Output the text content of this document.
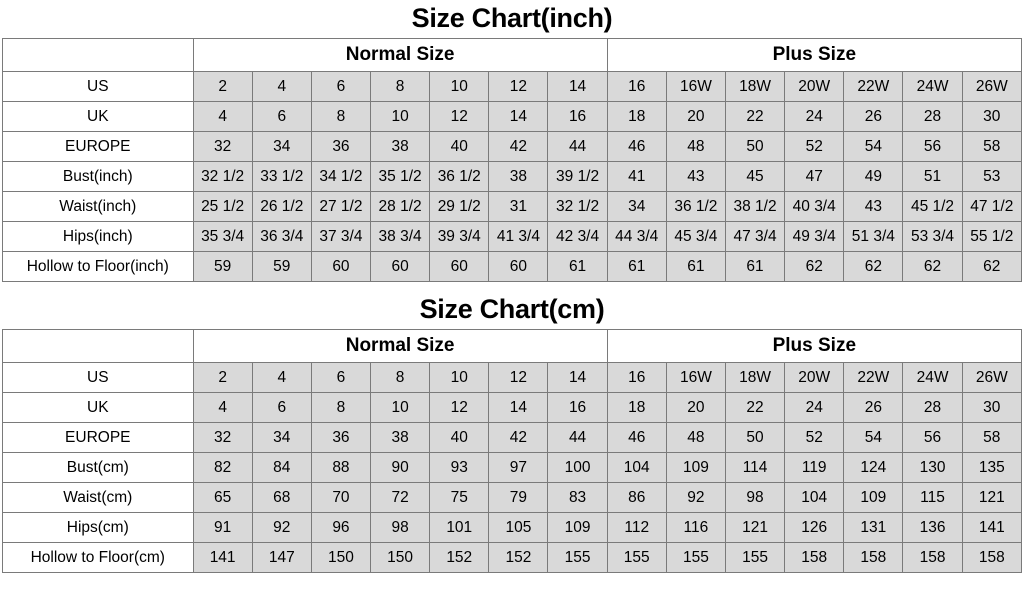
Size Chart(inch)
	Normal Size							Plus Size						
US	2	4	6	8	10	12	14	16	16W	18W	20W	22W	24W	26W
UK	4	6	8	10	12	14	16	18	20	22	24	26	28	30
EUROPE	32	34	36	38	40	42	44	46	48	50	52	54	56	58
Bust(inch)	32 1/2	33 1/2	34 1/2	35 1/2	36 1/2	38	39 1/2	41	43	45	47	49	51	53
Waist(inch)	25 1/2	26 1/2	27 1/2	28 1/2	29 1/2	31	32 1/2	34	36 1/2	38 1/2	40 3/4	43	45 1/2	47 1/2
Hips(inch)	35 3/4	36 3/4	37 3/4	38 3/4	39 3/4	41 3/4	42 3/4	44 3/4	45 3/4	47 3/4	49 3/4	51 3/4	53 3/4	55 1/2
Hollow to Floor(inch)	59	59	60	60	60	60	61	61	61	61	62	62	62	62
Size Chart(cm)
	Normal Size							Plus Size						
US	2	4	6	8	10	12	14	16	16W	18W	20W	22W	24W	26W
UK	4	6	8	10	12	14	16	18	20	22	24	26	28	30
EUROPE	32	34	36	38	40	42	44	46	48	50	52	54	56	58
Bust(cm)	82	84	88	90	93	97	100	104	109	114	119	124	130	135
Waist(cm)	65	68	70	72	75	79	83	86	92	98	104	109	115	121
Hips(cm)	91	92	96	98	101	105	109	112	116	121	126	131	136	141
Hollow to Floor(cm)	141	147	150	150	152	152	155	155	155	155	158	158	158	158
